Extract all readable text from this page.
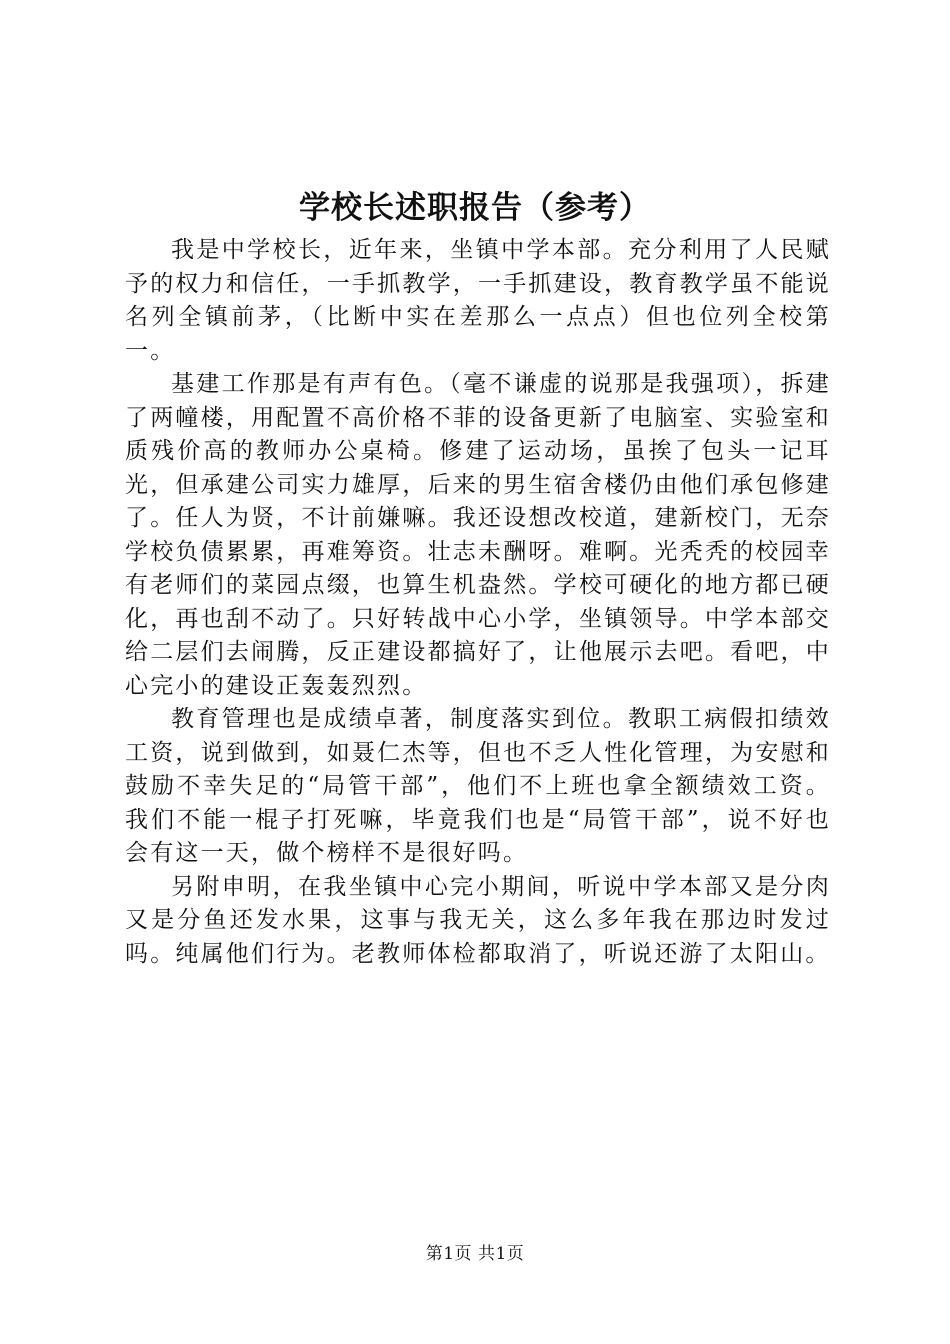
学校长述职报告（参考）

我是中学校长，近年来，坐镇中学本部。充分利用了人民赋予的权力和信任，一手抓教学，一手抓建设，教育教学虽不能说名列全镇前茅，（比断中实在差那么一点点）但也位列全校第一。

基建工作那是有声有色。（毫不谦虚的说那是我强项），拆建了两幢楼，用配置不高价格不菲的设备更新了电脑室、实验室和质残价高的教师办公桌椅。修建了运动场，虽挨了包头一记耳光，但承建公司实力雄厚，后来的男生宿舍楼仍由他们承包修建了。任人为贤，不计前嫌嘛。我还设想改校道，建新校门，无奈学校负债累累，再难筹资。壮志未酬呀。难啊。光秃秃的校园幸有老师们的菜园点缀，也算生机盎然。学校可硬化的地方都已硬化，再也刮不动了。只好转战中心小学，坐镇领导。中学本部交给二层们去闹腾，反正建设都搞好了，让他展示去吧。看吧，中心完小的建设正轰轰烈烈。

教育管理也是成绩卓著，制度落实到位。教职工病假扣绩效工资，说到做到，如聂仁杰等，但也不乏人性化管理，为安慰和鼓励不幸失足的“局管干部”，他们不上班也拿全额绩效工资。我们不能一棍子打死嘛，毕竟我们也是“局管干部”，说不好也会有这一天，做个榜样不是很好吗。

另附申明，在我坐镇中心完小期间，听说中学本部又是分肉又是分鱼还发水果，这事与我无关，这么多年我在那边时发过吗。纯属他们行为。老教师体检都取消了，听说还游了太阳山。

第1页 共1页
